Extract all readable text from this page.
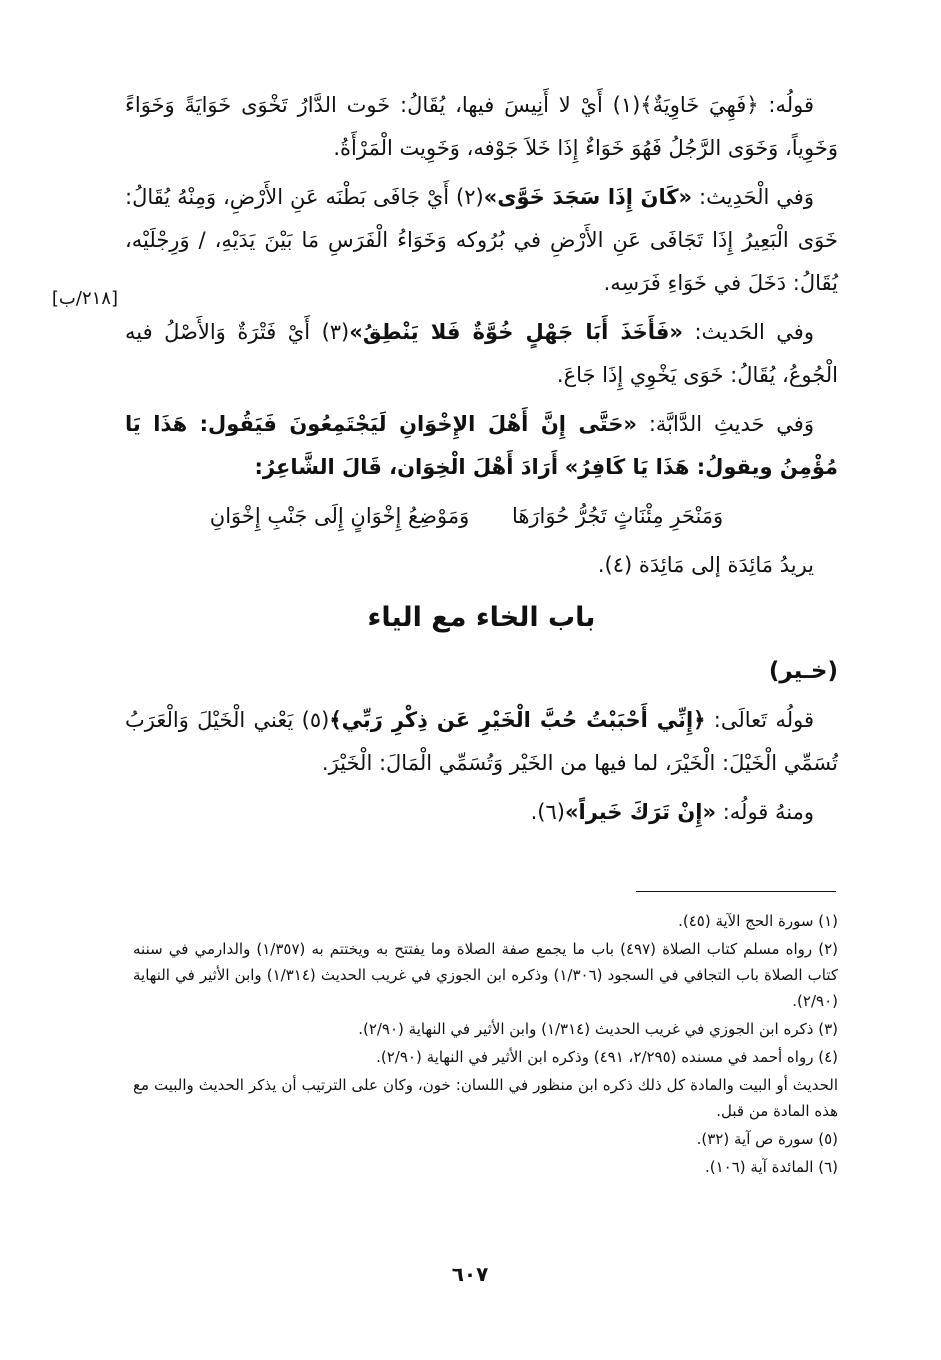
قولُه: ﴿فَهِيَ خَاوِيَةٌ﴾(١) أَيْ لا أَنِيسَ فيها، يُقَالُ: خَوت الدَّارُ تَخْوَى خَوَايَةً وَخَوَاءً وَخَوِياً، وَخَوَى الرَّجُلُ فَهُوَ خَوَاءٌ إِذَا خَلاَ جَوْفه، وَخَوِيت الْمَرْأَةُ.

وَفي الْحَدِيث: «كَانَ إِذَا سَجَدَ خَوَّى»(٢) أَيْ جَافَى بَطْنَه عَنِ الأَرْضِ، وَمِنْهُ يُقَالُ: خَوَى الْبَعِيرُ إِذَا تَجَافَى عَنِ الأَرْضِ في بُرُوكه وَخَوَاءُ الْفَرَسِ مَا بَيْنَ يَدَيْهِ، / وَرِجْلَيْه، يُقَالُ: دَخَلَ في خَوَاءِ فَرَسِه.

وفي الحَديث: «فَأَخَذَ أَبَا جَهْلٍ خُوَّةٌ فَلا يَنْطِقُ»(٣) أَيْ فَتْرَةٌ وَالأَصْلُ فيه الْجُوعُ، يُقَالُ: خَوَى يَخْوِي إِذَا جَاعَ.

وَفي حَديثِ الدَّابَّة: «حَتَّى إِنَّ أَهْلَ الإِخْوَانِ لَيَجْتَمِعُونَ فَيَقُول: هَذَا يَا مُؤْمِنُ ويقولُ: هَذَا يَا كَافِرُ» أَرَادَ أَهْلَ الْخِوَان، قَالَ الشَّاعِرُ:

وَمَنْحَرِ مِئْنَاثٍ تَجُرُّ حُوَارَهَا وَمَوْضِعُ إِخْوَانٍ إِلَى جَنْبِ إِخْوَانِ

يريدُ مَائِدَة إلى مَائِدَة (٤).

باب الخاء مع الياء

(خـير)

قولُه تَعالَى: ﴿إِنِّي أَحْبَبْتُ حُبَّ الْخَيْرِ عَن ذِكْرِ رَبِّي﴾(٥) يَعْني الْخَيْلَ وَالْعَرَبُ تُسَمِّي الْخَيْلَ: الْخَيْرَ، لما فيها من الخَيْر وَتُسَمِّي الْمَالَ: الْخَيْرَ.

ومنهُ قولُه: «إِنْ تَرَكَ خَيراً»(٦).

[٢١٨/ب]
(١) سورة الحج الآية (٤٥).
(٢) رواه مسلم كتاب الصلاة (٤٩٧) باب ما يجمع صفة الصلاة وما يفتتح به ويختتم به (١/٣٥٧) والدارمي في سننه كتاب الصلاة باب التجافي في السجود (١/٣٠٦) وذكره ابن الجوزي في غريب الحديث (١/٣١٤) وابن الأثير في النهاية (٢/٩٠).
(٣) ذكره ابن الجوزي في غريب الحديث (١/٣١٤) وابن الأثير في النهاية (٢/٩٠).
(٤) رواه أحمد في مسنده (٢/٢٩٥، ٤٩١) وذكره ابن الأثير في النهاية (٢/٩٠).
الحديث أو البيت والمادة كل ذلك ذكره ابن منظور في اللسان: خون، وكان على الترتيب أن يذكر الحديث والبيت مع هذه المادة من قبل.
(٥) سورة ص آية (٣٢).
(٦) المائدة آية (١٠٦).
٦٠٧
